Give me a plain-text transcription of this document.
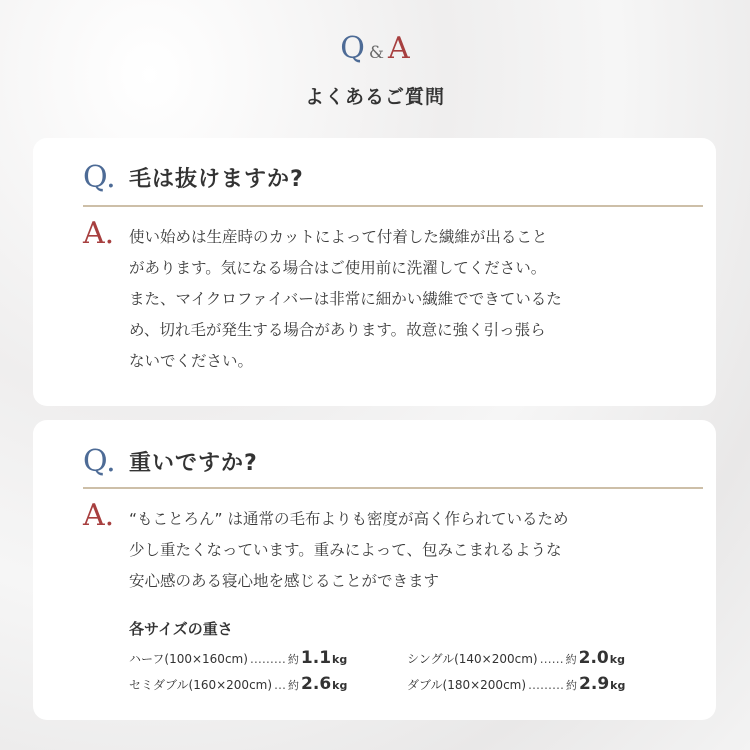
Q & A
よくあるご質問
Q. 毛は抜けますか?
A. 使い始めは生産時のカットによって付着した繊維が出ること
があります。気になる場合はご使用前に洗濯してください。
また、マイクロファイバーは非常に細かい繊維でできているた
め、切れ毛が発生する場合があります。故意に強く引っ張ら
ないでください。
Q. 重いですか?
A. “もことろん” は通常の毛布よりも密度が高く作られているため
少し重たくなっています。重みによって、包みこまれるような
安心感のある寝心地を感じることができます
各サイズの重さ
ハーフ(100×160cm) ……… 約 1.1 kg	シングル(140×200cm) …… 約 2.0 kg
セミダブル(160×200cm) … 約 2.6 kg	ダブル(180×200cm) ……… 約 2.9 kg
